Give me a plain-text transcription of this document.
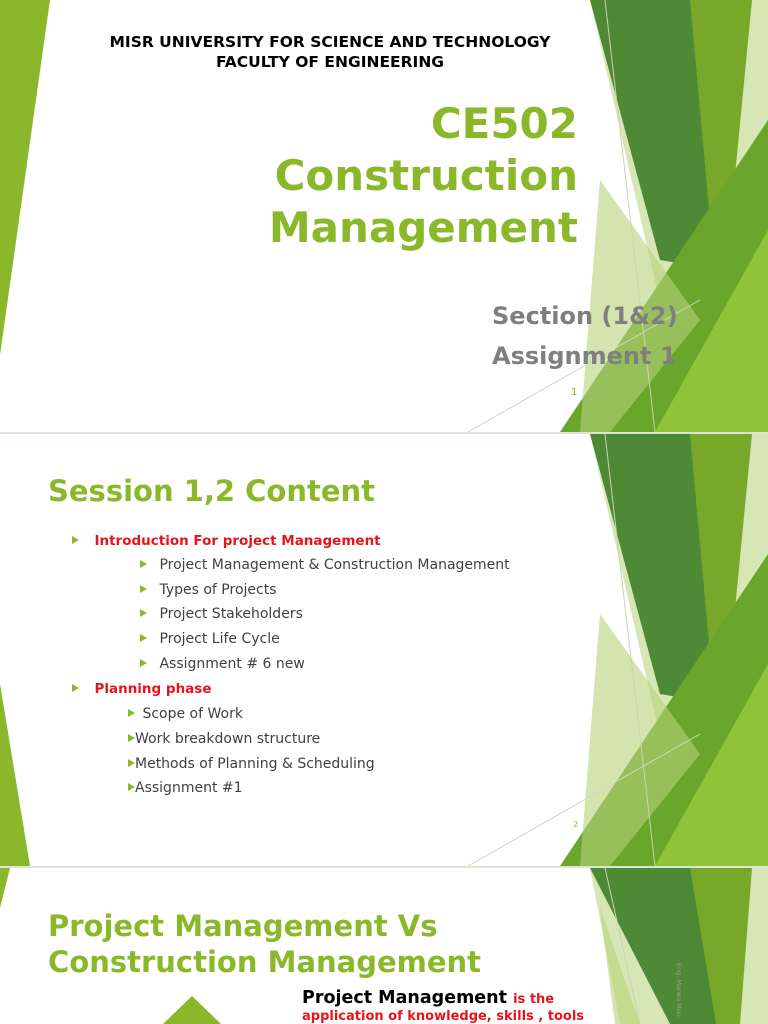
MISR UNIVERSITY FOR SCIENCE AND TECHNOLOGY
FACULTY OF ENGINEERING

CE502
Construction
Management

Section (1&2)

Assignment 1

1

Session 1,2 Content

Introduction For project Management
Project Management & Construction Management
Types of Projects
Project Stakeholders
Project Life Cycle
Assignment # 6 new
Planning phase
Scope of Work
Work breakdown structure
Methods of Planning & Scheduling
Assignment #1

2

Project Management Vs
Construction Management

Project Management is the

application of knowledge, skills , tools	Eng. Marwa Mou
